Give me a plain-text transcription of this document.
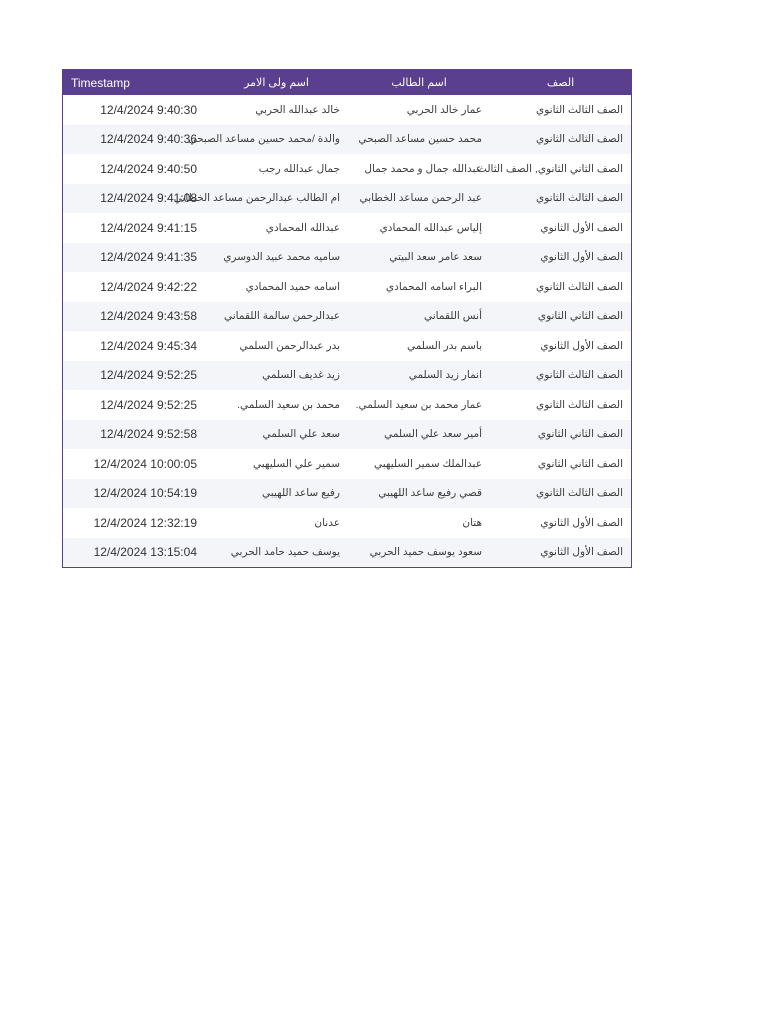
Timestamp	اسم ولى الامر	اسم الطالب	الصف
12/4/2024 9:40:30	خالد عبدالله الحربي	عمار خالد الحربي	الصف الثالث الثانوي
12/4/2024 9:40:36	والدة /محمد حسين مساعد الصبحي	محمد حسين مساعد الصبحي	الصف الثالث الثانوي
12/4/2024 9:40:50	جمال عبدالله رجب	عبدالله جمال و محمد جمال	الصف الثاني الثانوي, الصف الثالث
12/4/2024 9:41:08	ام الطالب عبدالرحمن مساعد الخطابي	عبد الرحمن مساعد الخطابي	الصف الثالث الثانوي
12/4/2024 9:41:15	عبدالله المحمادي	إلياس عبدالله المحمادي	الصف الأول الثانوي
12/4/2024 9:41:35	ساميه محمد عبيد الدوسري	سعد عامر سعد البيتي	الصف الأول الثانوي
12/4/2024 9:42:22	اسامه حميد المحمادي	البراء اسامه المحمادي	الصف الثالث الثانوي
12/4/2024 9:43:58	عبدالرحمن سالمة اللقماني	أنس اللقماني	الصف الثاني الثانوي
12/4/2024 9:45:34	بدر عبدالرحمن السلمي	باسم بدر السلمي	الصف الأول الثانوي
12/4/2024 9:52:25	زيد غديف السلمي	انمار زيد السلمي	الصف الثالث الثانوي
12/4/2024 9:52:25	محمد بن سعيد السلمي.	عمار محمد بن سعيد السلمي.	الصف الثالث الثانوي
12/4/2024 9:52:58	سعد علي السلمي	أمير سعد علي السلمي	الصف الثاني الثانوي
12/4/2024 10:00:05	سمير علي السليهبي	عبدالملك سمير السليهبي	الصف الثاني الثانوي
12/4/2024 10:54:19	رفيع ساعد اللهيبي	قصي رفيع ساعد اللهيبي	الصف الثالث الثانوي
12/4/2024 12:32:19	عدنان	هتان	الصف الأول الثانوي
12/4/2024 13:15:04	يوسف حميد حامد الحربي	سعود يوسف حميد الحربي	الصف الأول الثانوي
